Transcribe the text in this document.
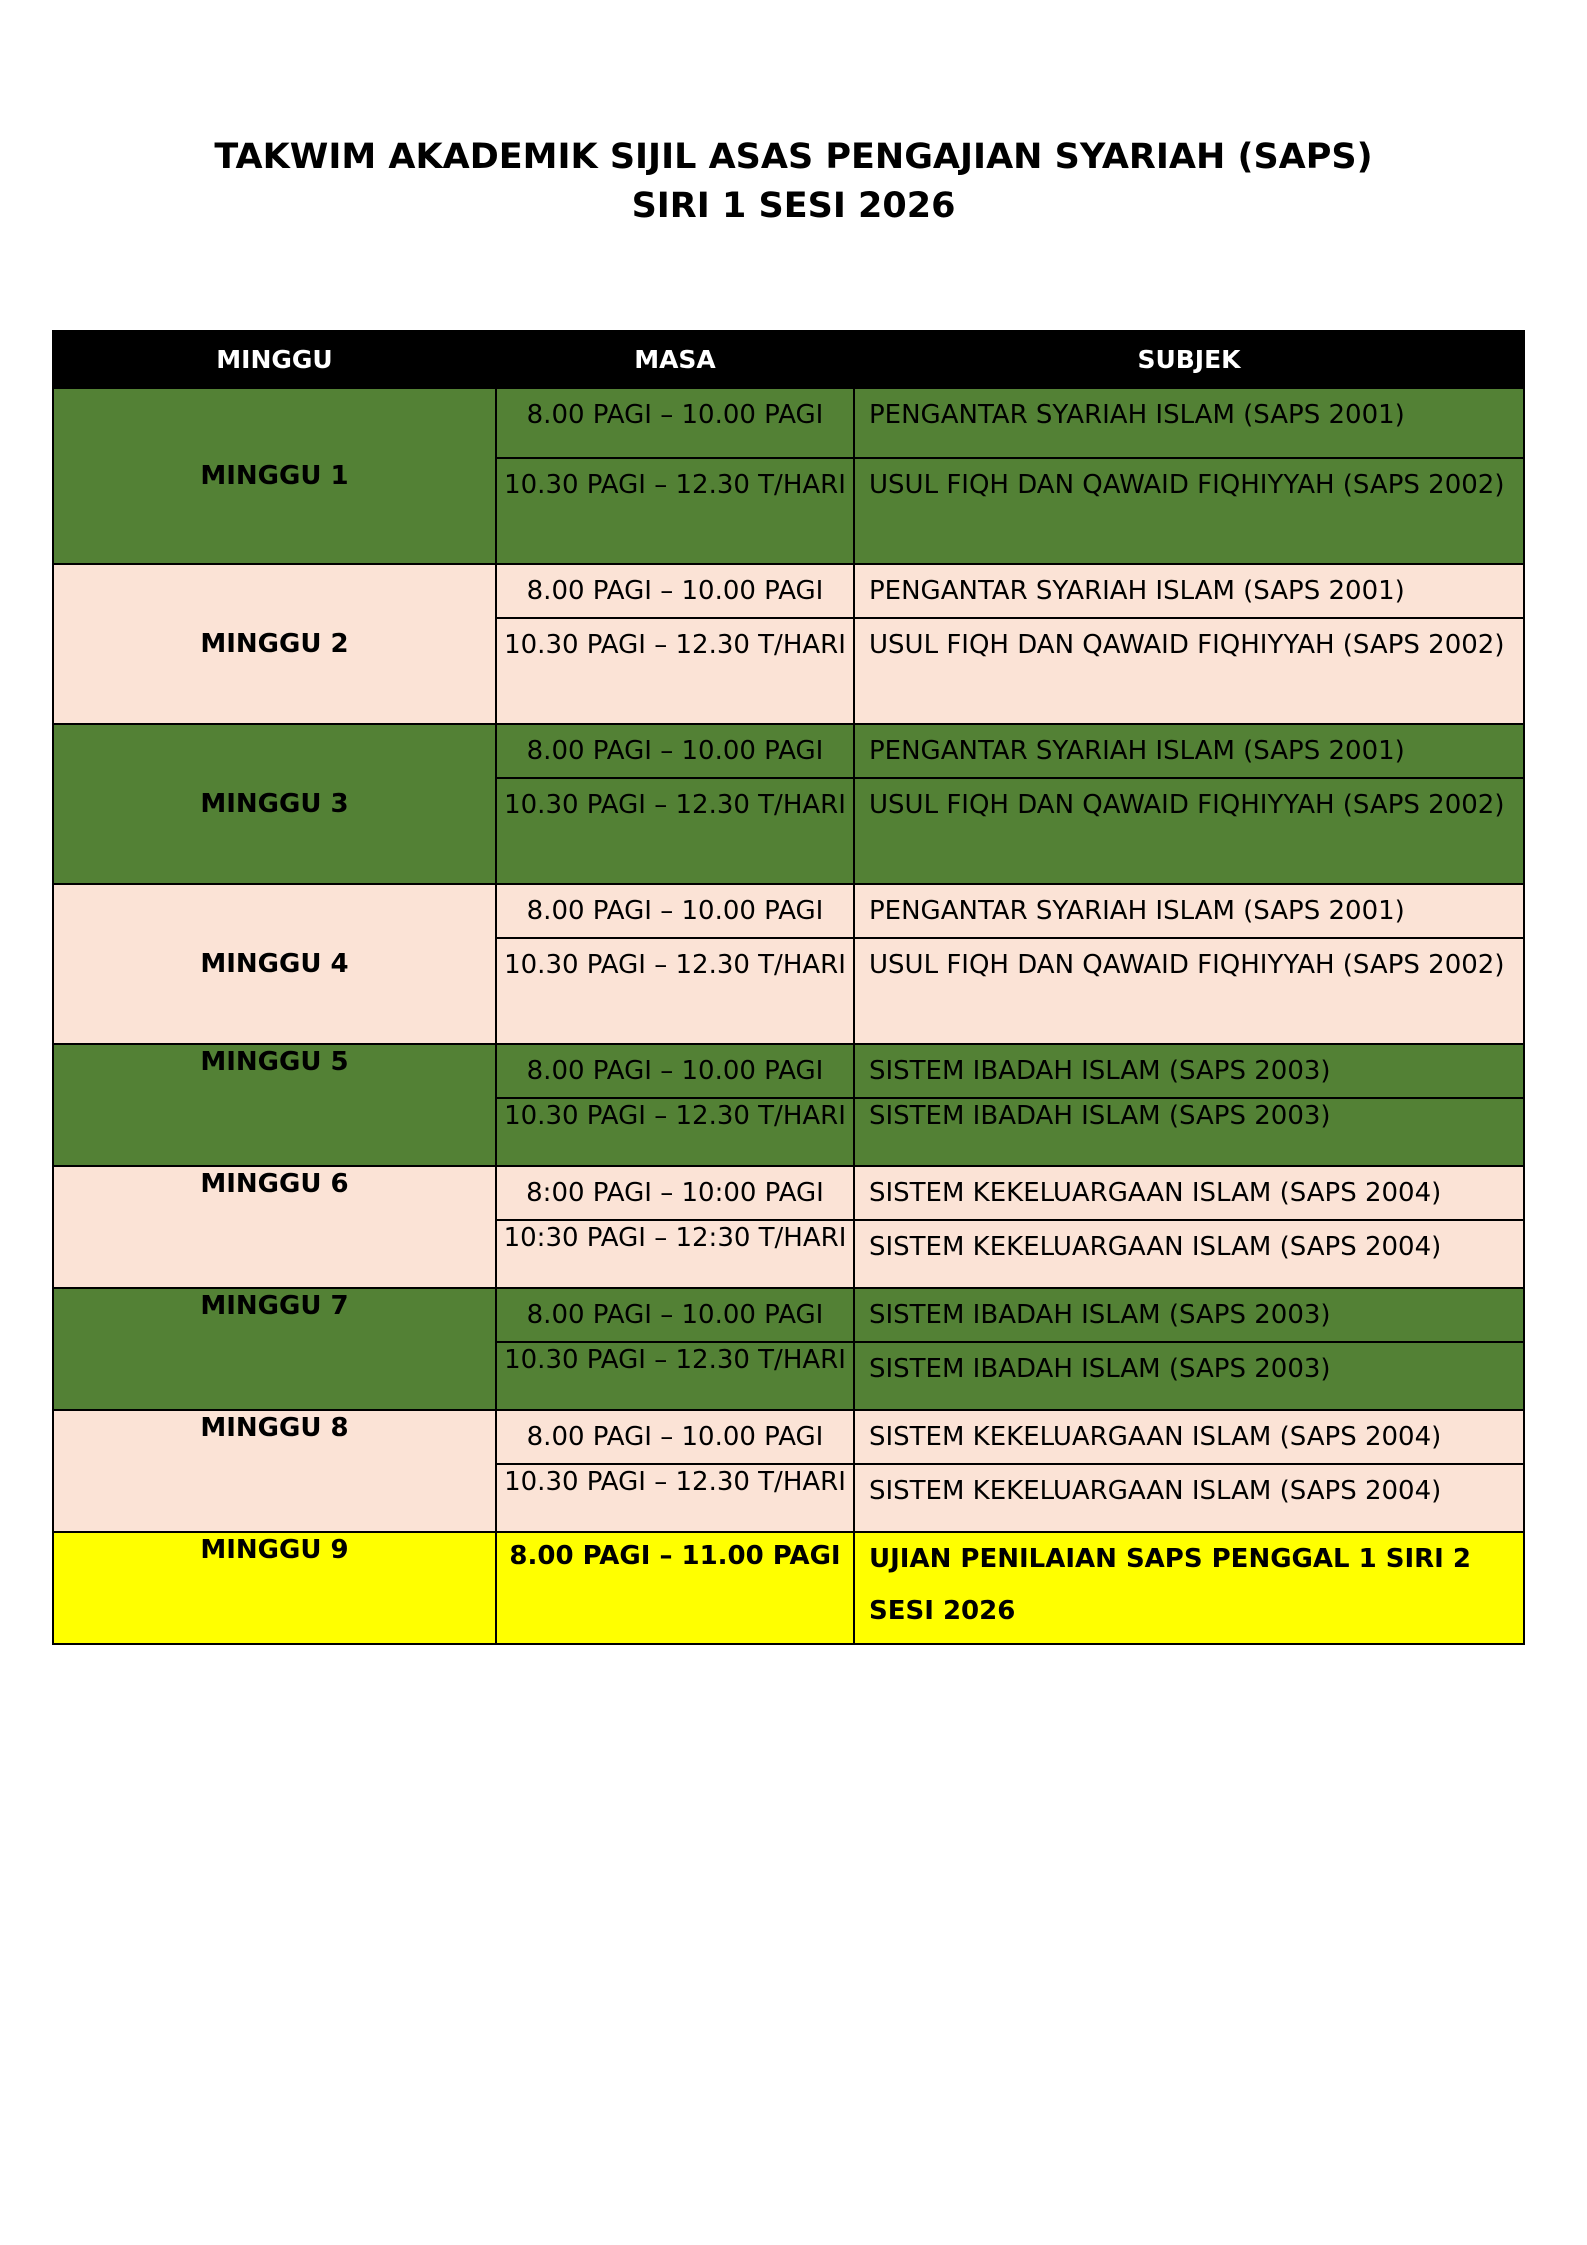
TAKWIM AKADEMIK SIJIL ASAS PENGAJIAN SYARIAH (SAPS)
SIRI 1 SESI 2026
MINGGU	MASA	SUBJEK
MINGGU 1	8.00 PAGI – 10.00 PAGI	PENGANTAR SYARIAH ISLAM (SAPS 2001)
	10.30 PAGI – 12.30 T/HARI	USUL FIQH DAN QAWAID FIQHIYYAH (SAPS 2002)
MINGGU 2	8.00 PAGI – 10.00 PAGI	PENGANTAR SYARIAH ISLAM (SAPS 2001)
	10.30 PAGI – 12.30 T/HARI	USUL FIQH DAN QAWAID FIQHIYYAH (SAPS 2002)
MINGGU 3	8.00 PAGI – 10.00 PAGI	PENGANTAR SYARIAH ISLAM (SAPS 2001)
	10.30 PAGI – 12.30 T/HARI	USUL FIQH DAN QAWAID FIQHIYYAH (SAPS 2002)
MINGGU 4	8.00 PAGI – 10.00 PAGI	PENGANTAR SYARIAH ISLAM (SAPS 2001)
	10.30 PAGI – 12.30 T/HARI	USUL FIQH DAN QAWAID FIQHIYYAH (SAPS 2002)
MINGGU 5	8.00 PAGI – 10.00 PAGI	SISTEM IBADAH ISLAM (SAPS 2003)
	10.30 PAGI – 12.30 T/HARI	SISTEM IBADAH ISLAM (SAPS 2003)
MINGGU 6	8:00 PAGI – 10:00 PAGI	SISTEM KEKELUARGAAN ISLAM (SAPS 2004)
	10:30 PAGI – 12:30 T/HARI	SISTEM KEKELUARGAAN ISLAM (SAPS 2004)
MINGGU 7	8.00 PAGI – 10.00 PAGI	SISTEM IBADAH ISLAM (SAPS 2003)
	10.30 PAGI – 12.30 T/HARI	SISTEM IBADAH ISLAM (SAPS 2003)
MINGGU 8	8.00 PAGI – 10.00 PAGI	SISTEM KEKELUARGAAN ISLAM (SAPS 2004)
	10.30 PAGI – 12.30 T/HARI	SISTEM KEKELUARGAAN ISLAM (SAPS 2004)
MINGGU 9	8.00 PAGI – 11.00 PAGI	UJIAN PENILAIAN SAPS PENGGAL 1 SIRI 2 SESI 2026
